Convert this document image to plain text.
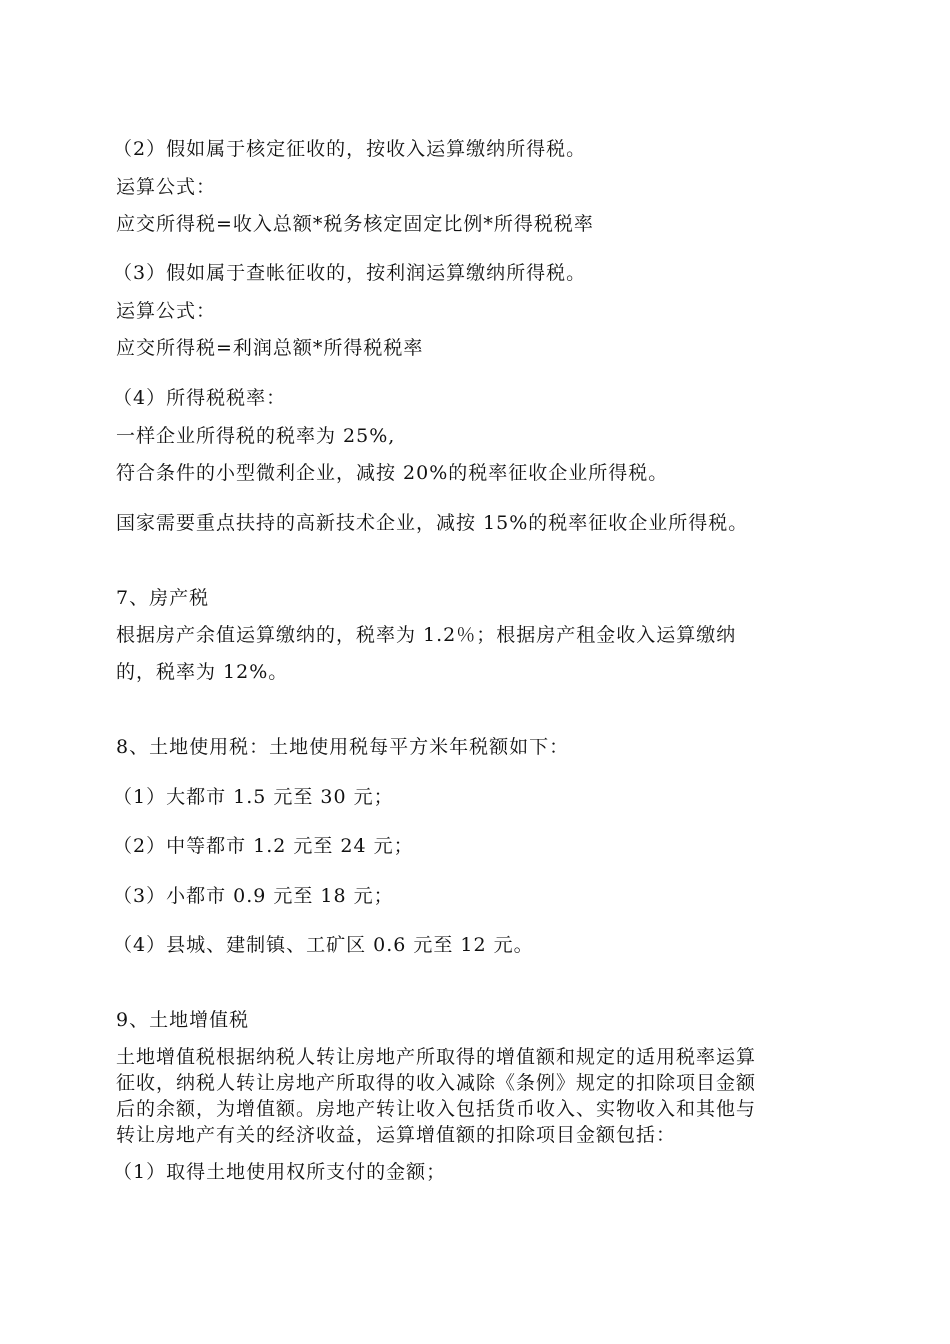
（2）假如属于核定征收的，按收入运算缴纳所得税。
运算公式：
应交所得税=收入总额*税务核定固定比例*所得税税率
（3）假如属于查帐征收的，按利润运算缴纳所得税。
运算公式：
应交所得税=利润总额*所得税税率
（4）所得税税率：
一样企业所得税的税率为 25%,
符合条件的小型微利企业，减按 20%的税率征收企业所得税。
国家需要重点扶持的高新技术企业，减按 15%的税率征收企业所得税。
7、房产税
根据房产余值运算缴纳的，税率为 1.2％；根据房产租金收入运算缴纳
的，税率为 12%。
8、土地使用税：土地使用税每平方米年税额如下：
（1）大都市 1.5 元至 30 元；
（2）中等都市 1.2 元至 24 元；
（3）小都市 0.9 元至 18 元；
（4）县城、建制镇、工矿区 0.6 元至 12 元。
9、土地增值税
土地增值税根据纳税人转让房地产所取得的增值额和规定的适用税率运算
征收，纳税人转让房地产所取得的收入减除《条例》规定的扣除项目金额
后的余额，为增值额。房地产转让收入包括货币收入、实物收入和其他与
转让房地产有关的经济收益，运算增值额的扣除项目金额包括：
（1）取得土地使用权所支付的金额；
